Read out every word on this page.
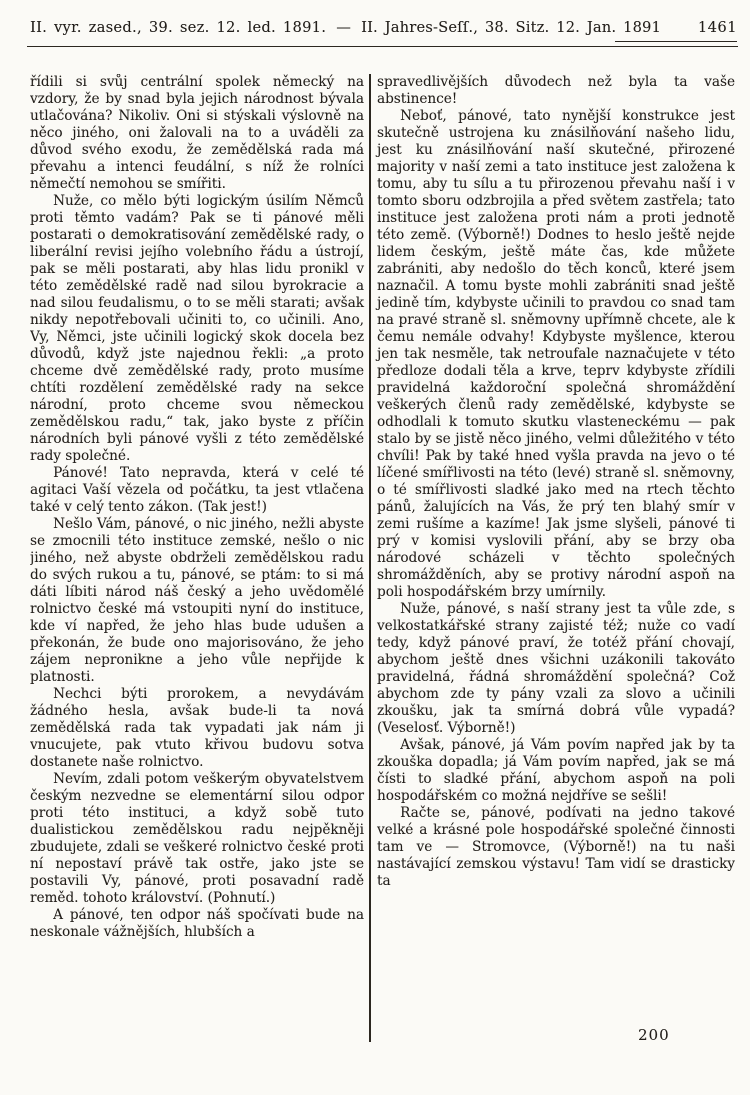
II. vyr. zased., 39. sez. 12. led. 1891. — II. Jahres-Seſſ., 38. Sitz. 12. Jan. 1891	1461

řídili si svůj centrální spolek německý na vzdory, že by snad byla jejich národnost bývala utlačována? Nikoliv. Oni si stýskali výslovně na něco jiného, oni žalovali na to a uváděli za důvod svého exodu, že zemědělská rada má převahu a intenci feudální, s níž že rolníci němečtí nemohou se smířiti.

Nuže, co mělo býti logickým úsilím Němců proti těmto vadám? Pak se ti pánové měli postarati o demokratisování zemědělské rady, o liberální revisi jejího volebního řádu a ústrojí, pak se měli postarati, aby hlas lidu pronikl v této zemědělské radě nad silou byrokracie a nad silou feudalismu, o to se měli starati; avšak nikdy nepotřebovali učiniti to, co učinili. Ano, Vy, Němci, jste učinili logický skok docela bez důvodů, když jste najednou řekli: „a proto chceme dvě zemědělské rady, proto musíme chtíti rozdělení zemědělské rady na sekce národní, proto chceme svou německou zemědělskou radu,“ tak, jako byste z příčin národních byli pánové vyšli z této zemědělské rady společné.

Pánové! Tato nepravda, která v celé té agitaci Vaší vězela od počátku, ta jest vtlačena také v celý tento zákon. (Tak jest!)

Nešlo Vám, pánové, o nic jiného, nežli abyste se zmocnili této instituce zemské, nešlo o nic jiného, než abyste obdrželi zemědělskou radu do svých rukou a tu, pánové, se ptám: to si má dáti líbiti národ náš český a jeho uvědomělé rolnictvo české má vstoupiti nyní do instituce, kde ví napřed, že jeho hlas bude udušen a překonán, že bude ono majorisováno, že jeho zájem nepronikne a jeho vůle nepřijde k platnosti.

Nechci býti prorokem, a nevydávám žádného hesla, avšak bude-li ta nová zemědělská rada tak vypadati jak nám ji vnucujete, pak vtuto křivou budovu sotva dostanete naše rolnictvo.

Nevím, zdali potom veškerým obyvatelstvem českým nezvedne se elementární silou odpor proti této instituci, a když sobě tuto dualistickou zemědělskou radu nejpěkněji zbudujete, zdali se veškeré rolnictvo české proti ní nepostaví právě tak ostře, jako jste se postavili Vy, pánové, proti posavadní radě reměd. tohoto království. (Pohnutí.)

A pánové, ten odpor náš spočívati bude na neskonale vážnějších, hlubších a

spravedlivějších důvodech než byla ta vaše abstinence!

Neboť, pánové, tato nynější konstrukce jest skutečně ustrojena ku znásilňování našeho lidu, jest ku znásilňování naší skutečné, přirozené majority v naší zemi a tato instituce jest založena k tomu, aby tu sílu a tu přirozenou převahu naší i v tomto sboru odzbrojila a před světem zastřela; tato instituce jest založena proti nám a proti jednotě této země. (Výborně!) Dodnes to heslo ještě nejde lidem českým, ještě máte čas, kde můžete zabrániti, aby nedošlo do těch konců, které jsem naznačil. A tomu byste mohli zabrániti snad ještě jedině tím, kdybyste učinili to pravdou co snad tam na pravé straně sl. sněmovny upřímně chcete, ale k čemu nemále odvahy! Kdybyste myšlence, kterou jen tak nesměle, tak netroufale naznačujete v této předloze dodali těla a krve, teprv kdybyste zřídili pravidelná každoroční společná shromáždění veškerých členů rady zemědělské, kdybyste se odhodlali k tomuto skutku vlasteneckému — pak stalo by se jistě něco jiného, velmi důležitého v této chvíli! Pak by také hned vyšla pravda na jevo o té líčené smířlivosti na této (levé) straně sl. sněmovny, o té smířlivosti sladké jako med na rtech těchto pánů, žalujících na Vás, že prý ten blahý smír v zemi rušíme a kazíme! Jak jsme slyšeli, pánové ti prý v komisi vyslovili přání, aby se brzy oba národové scházeli v těchto společných shromážděních, aby se protivy národní aspoň na poli hospodářském brzy umírnily.

Nuže, pánové, s naší strany jest ta vůle zde, s velkostatkářské strany zajisté též; nuže co vadí tedy, když pánové praví, že totéž přání chovají, abychom ještě dnes všichni uzákonili takováto pravidelná, řádná shromáždění společná? Což abychom zde ty pány vzali za slovo a učinili zkoušku, jak ta smírná dobrá vůle vypadá? (Veselosť. Výborně!)

Avšak, pánové, já Vám povím napřed jak by ta zkouška dopadla; já Vám povím napřed, jak se má čísti to sladké přání, abychom aspoň na poli hospodářském co možná nejdříve se sešli!

Račte se, pánové, podívati na jedno takové velké a krásné pole hospodářské společné činnosti tam ve — Stromovce, (Výborně!) na tu naši nastávající zemskou výstavu! Tam vidí se drasticky ta

200
